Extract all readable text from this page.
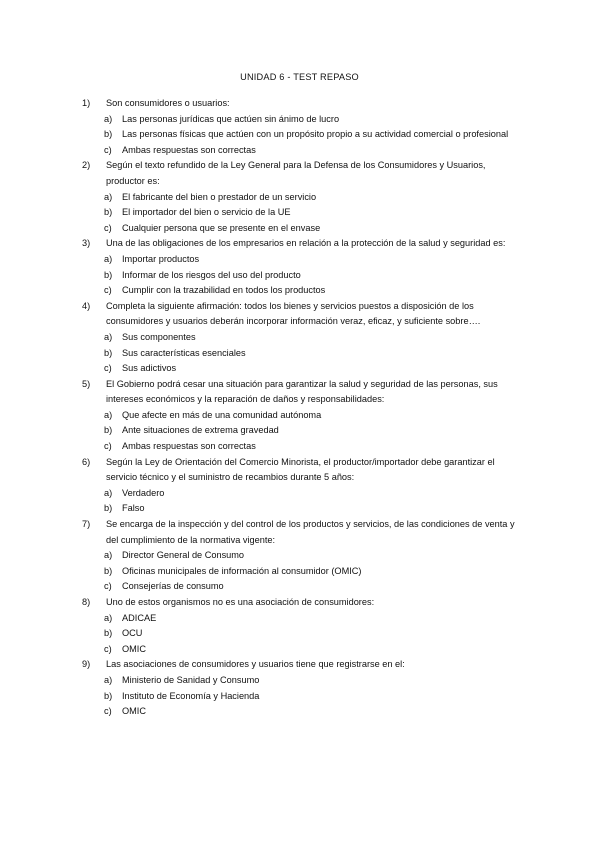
UNIDAD 6 - TEST REPASO
1)	Son consumidores o usuarios:
a)	Las personas jurídicas que actúen sin ánimo de lucro
b)	Las personas físicas que actúen con un propósito propio a su actividad comercial o profesional
c)	Ambas respuestas son correctas
2)	Según el texto refundido de la Ley General para la Defensa de los Consumidores y Usuarios, productor es:
a)	El fabricante del bien o prestador de un servicio
b)	El importador del bien o servicio de la UE
c)	Cualquier persona que se presente en el envase
3)	Una de las obligaciones de los empresarios en relación a la protección de la salud y seguridad es:
a)	Importar productos
b)	Informar de los riesgos del uso del producto
c)	Cumplir con la trazabilidad en todos los productos
4)	Completa la siguiente afirmación: todos los bienes y servicios puestos a disposición de los consumidores y usuarios deberán incorporar información veraz, eficaz, y suficiente sobre….
a)	Sus componentes
b)	Sus características esenciales
c)	Sus adictivos
5)	El Gobierno podrá cesar una situación para garantizar la salud y seguridad de las personas, sus intereses económicos y la reparación de daños y responsabilidades:
a)	Que afecte en más de una comunidad autónoma
b)	Ante situaciones de extrema gravedad
c)	Ambas respuestas son correctas
6)	Según la Ley de Orientación del Comercio Minorista, el productor/importador debe garantizar el servicio técnico y el suministro de recambios durante 5 años:
a)	Verdadero
b)	Falso
7)	Se encarga de la inspección y del control de los productos y servicios, de las condiciones de venta y del cumplimiento de la normativa vigente:
a)	Director General de Consumo
b)	Oficinas municipales de información al consumidor (OMIC)
c)	Consejerías de consumo
8)	Uno de estos organismos no es una asociación de consumidores:
a)	ADICAE
b)	OCU
c)	OMIC
9)	Las asociaciones de consumidores y usuarios tiene que registrarse en el:
a)	Ministerio de Sanidad y Consumo
b)	Instituto de Economía y Hacienda
c)	OMIC
